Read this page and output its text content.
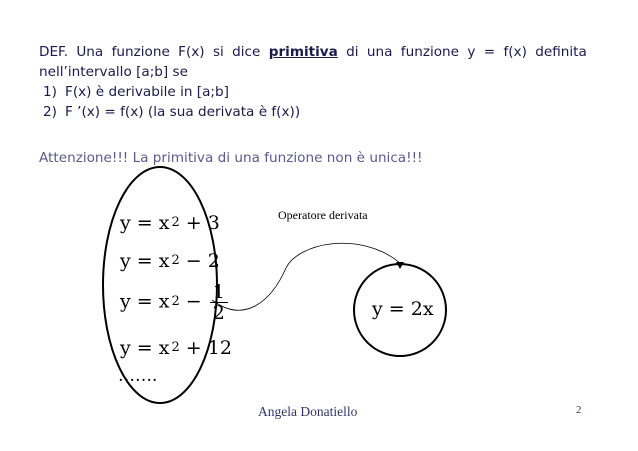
DEF. Una funzione F(x) si dice primitiva di una funzione y = f(x) definita
nell’intervallo [a;b] se
1) F(x) è derivabile in [a;b]
2) F ’(x) = f(x) (la sua derivata è f(x))
Attenzione!!! La primitiva di una funzione non è unica!!!
y = x $^2$ + 3
y = x $^2$ − 2
y = x $^2 - \frac{1}{2}$
y = x $^2$ + 12
…….
Operatore derivata
y = 2x
Angela Donatiello	2
